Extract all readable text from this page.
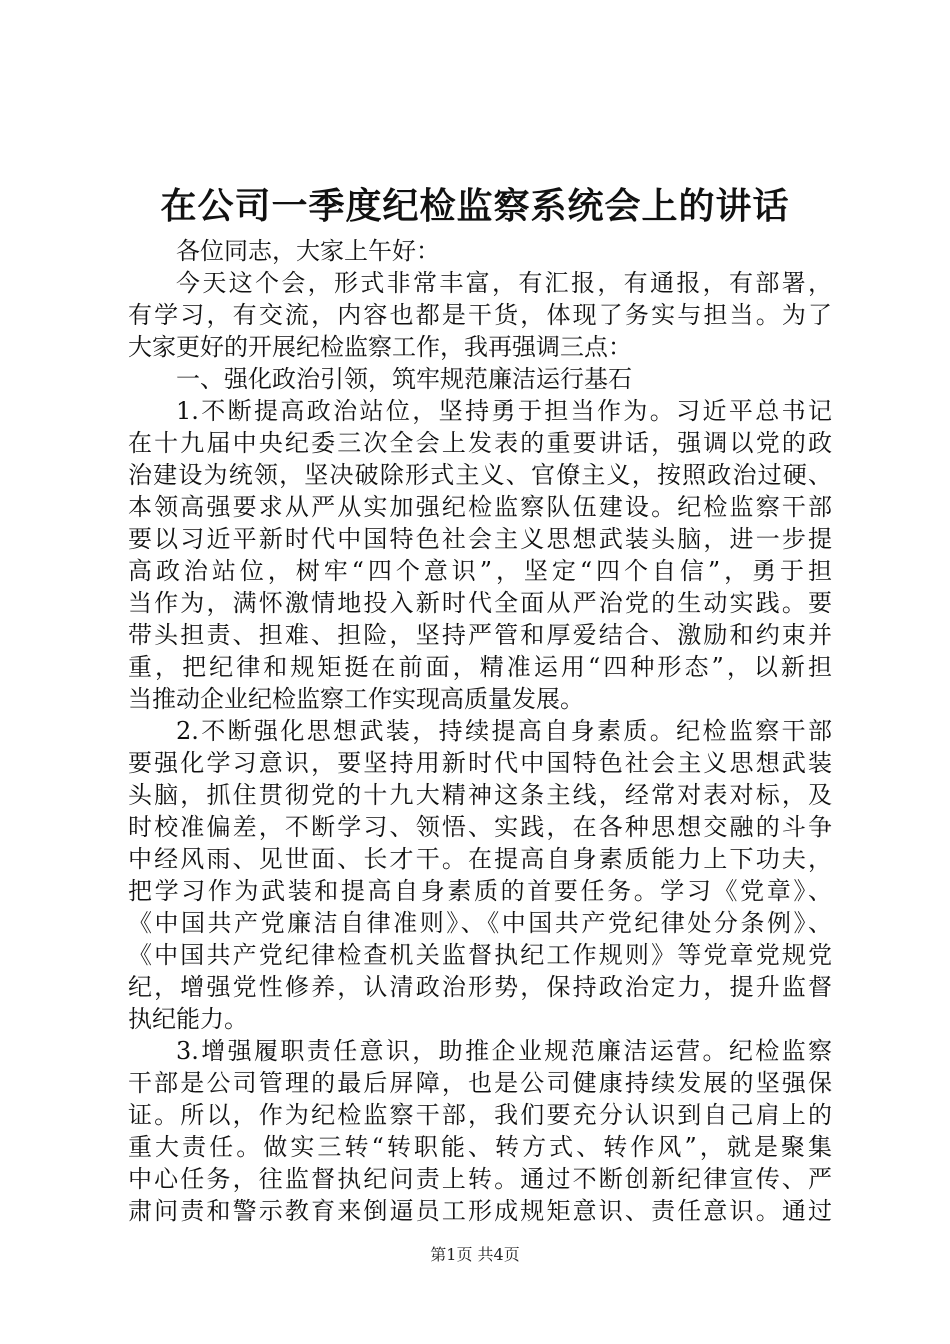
在公司一季度纪检监察系统会上的讲话
各位同志，大家上午好：
今天这个会，形式非常丰富，有汇报，有通报，有部署，
有学习，有交流，内容也都是干货，体现了务实与担当。为了
大家更好的开展纪检监察工作，我再强调三点：
一、强化政治引领，筑牢规范廉洁运行基石
1.不断提高政治站位，坚持勇于担当作为。习近平总书记
在十九届中央纪委三次全会上发表的重要讲话，强调以党的政
治建设为统领，坚决破除形式主义、官僚主义，按照政治过硬、
本领高强要求从严从实加强纪检监察队伍建设。纪检监察干部
要以习近平新时代中国特色社会主义思想武装头脑，进一步提
高政治站位，树牢“四个意识”，坚定“四个自信”，勇于担
当作为，满怀激情地投入新时代全面从严治党的生动实践。要
带头担责、担难、担险，坚持严管和厚爱结合、激励和约束并
重，把纪律和规矩挺在前面，精准运用“四种形态”，以新担
当推动企业纪检监察工作实现高质量发展。
2.不断强化思想武装，持续提高自身素质。纪检监察干部
要强化学习意识，要坚持用新时代中国特色社会主义思想武装
头脑，抓住贯彻党的十九大精神这条主线，经常对表对标，及
时校准偏差，不断学习、领悟、实践，在各种思想交融的斗争
中经风雨、见世面、长才干。在提高自身素质能力上下功夫，
把学习作为武装和提高自身素质的首要任务。学习《党章》、
《中国共产党廉洁自律准则》、《中国共产党纪律处分条例》、
《中国共产党纪律检查机关监督执纪工作规则》等党章党规党
纪，增强党性修养，认清政治形势，保持政治定力，提升监督
执纪能力。
3.增强履职责任意识，助推企业规范廉洁运营。纪检监察
干部是公司管理的最后屏障，也是公司健康持续发展的坚强保
证。所以，作为纪检监察干部，我们要充分认识到自己肩上的
重大责任。做实三转“转职能、转方式、转作风”，就是聚集
中心任务，往监督执纪问责上转。通过不断创新纪律宣传、严
肃问责和警示教育来倒逼员工形成规矩意识、责任意识。通过
第1页 共4页
